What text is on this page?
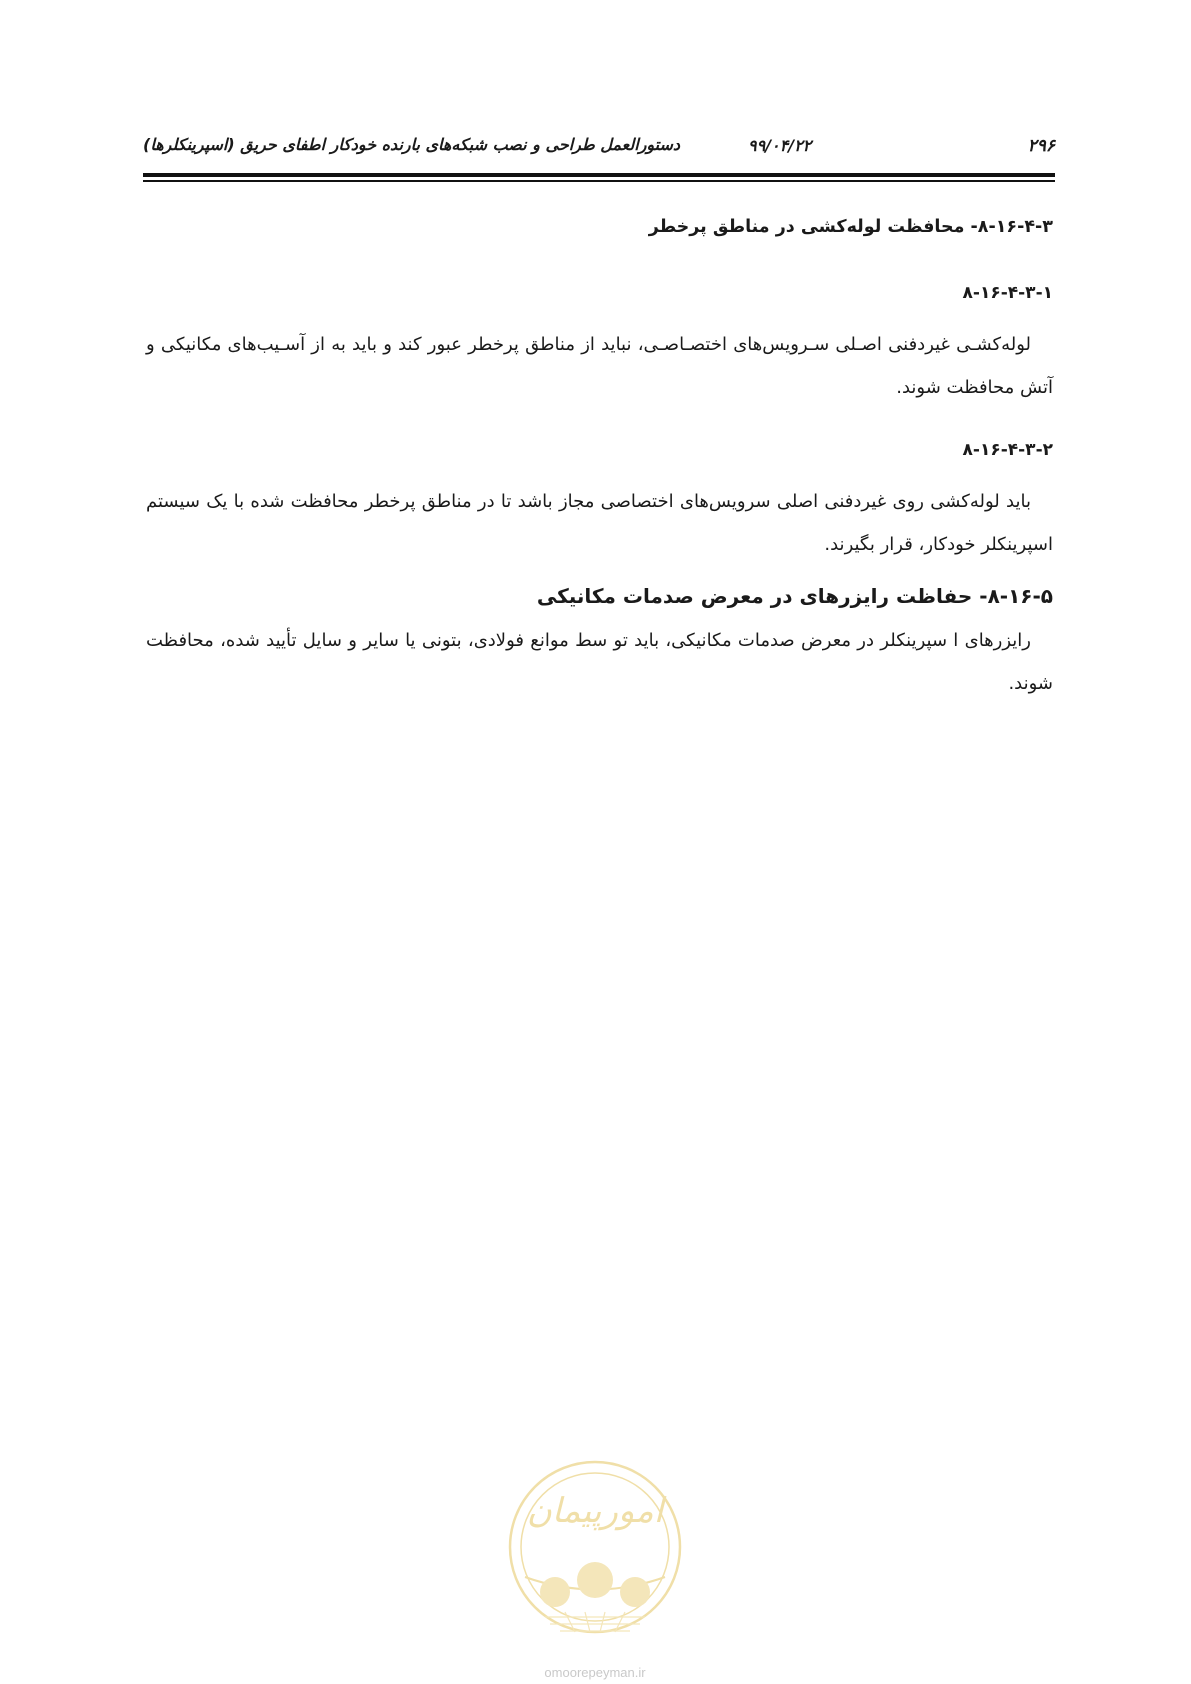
۲۹۶
۹۹/۰۴/۲۲
دستورالعمل طراحی و نصب شبکه‌های بارنده خودکار اطفای حریق (اسپرینکلرها)
۸-۱۶-۴-۳- محافظت لوله‌کشی در مناطق پرخطر
۸-۱۶-۴-۳-۱

لوله‌کشـی غیردفنی اصـلی سـرویس‌های اختصـاصـی، نباید از مناطق پرخطر عبور کند و باید به از آسـیب‌های مکانیکی و آتش محافظت شوند.

۸-۱۶-۴-۳-۲

باید لوله‌کشی روی غیردفنی اصلی سرویس‌های اختصاصی مجاز باشد تا در مناطق پرخطر محافظت شده با یک سیستم اسپرینکلر خودکار، قرار بگیرند.

۸-۱۶-۵- حفاظت رایزرهای در معرض صدمات مکانیکی

رایزرهای ا سپرینکلر در معرض صدمات مکانیکی، باید تو سط موانع فولادی، بتونی یا سایر و سایل تأیید شده، محافظت شوند.

امورپیمان
omoorepeyman.ir
